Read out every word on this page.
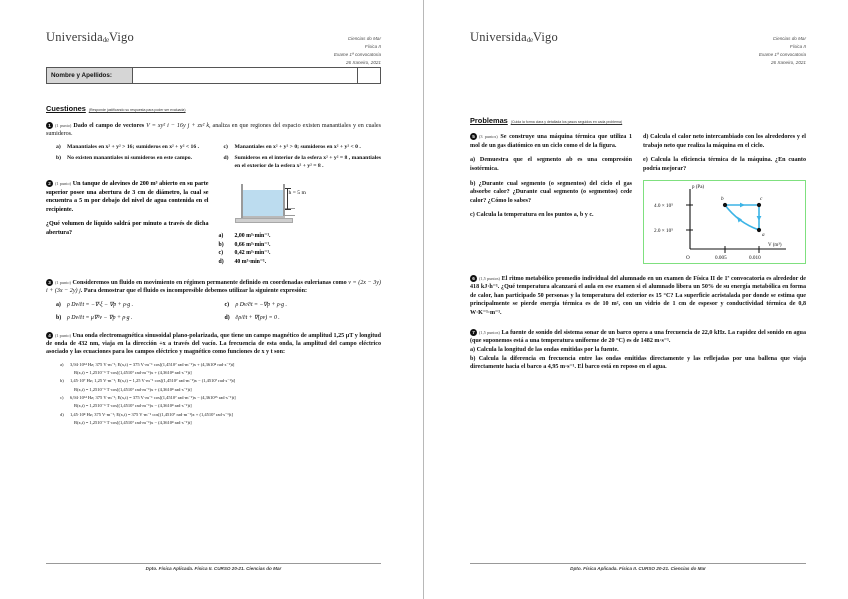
UniversidadeVigo	Ciencias do Mar
Física II
Exame 1ª convocatoria
26 Xaneiro, 2021
Nombre y Apellidos:
Cuestiones (Responde justificando su respuesta para poder ser evaluada)
1 (1 punto) Dado el campo de vectores V = xy² i − 16y j + zx² k, analiza en que regiones del espacio existen manantiales y en cuales sumideros.
a)	Manantiales en x² + y² > 16; sumideros en x² + y² < 16 .	c)	Manantiales en x² + y² > 0; sumideros en x² + y² < 0 .
b)	No existen manantiales ni sumideros en este campo.	d)	Sumideros en el interior de la esfera x² + y² = 8 , manantiales en el exterior de la esfera x² + y² = 8 .
2 (1 punto) Un tanque de alevines de 200 m³ abierto en su parte superior posee una abertura de 3 cm de diámetro, la cual se encuentra a 5 m por debajo del nivel de agua contenida en el recipiente.
¿Qué volumen de líquido saldrá por minuto a través de dicha abertura?
h = 5 m
a)	2,00 m³·min⁻¹.
b)	0,66 m³·min⁻¹.
c)	0,42 m³·min⁻¹.
d)	40 m³·min⁻¹.
3 (1 punto) Consideremos un fluido en movimiento en régimen permanente definido en coordenadas eulerianas como v = (2x − 3y) i + (3x − 2y) j. Para demostrar que el fluido es incompresible debemos utilizar la siguiente expresión:
a)	ρ Dv/∂t = −∇·ξ − ∇p + ρ·g .	c)	ρ Dv/∂t = −∇p + ρ·g .
b)	ρ Dv/∂t = μ∇²v − ∇p + ρ·g .	d)	∂ρ/∂t + ∇(ρv) = 0 .
4 (1 punto) Una onda electromagnética sinusoidal plano-polarizada, que tiene un campo magnético de amplitud 1,25 μT y longitud de onda de 432 nm, viaja en la dirección +x a través del vacío. La frecuencia de esta onda, la amplitud del campo eléctrico asociado y las ecuaciones para los campos eléctrico y magnético como funciones de x y t son:
a)	3,94·10¹⁴ Hz; 375 V·m⁻¹; E(x,t) = 375 V·m⁻¹ cos[(1,4510⁷ rad·m⁻¹)x + (4,3610⁸ rad·s⁻¹)t]
B(x,t) = 1,2510⁻⁶ T·cos[(1,4510⁷ rad·m⁻¹)x + (4,3610⁸ rad·s⁻¹)t]
b)	1,45·10⁷ Hz; 1,25 V·m⁻¹; E(x,t) = 1,25 V·m⁻¹ cos[(1,4510⁷ rad·m⁻¹)x − (1,4510⁷ rad·s⁻¹)t]
B(x,t) = 1,2510⁻⁶ T·cos[(1,4510⁷ rad·m⁻¹)x + (4,3610⁸ rad·s⁻¹)t]
c)	6,94·10¹⁴ Hz; 375 V·m⁻¹; E(x,t) = 375 V·m⁻¹ cos[(1,4510⁷ rad·m⁻¹)x − (4,3610¹⁵ rad·s⁻¹)t]
B(x,t) = 1,2510⁻⁶ T·cos[(1,4510⁷ rad·m⁻¹)x − (4,3610⁸ rad·s⁻¹)t]
d)	1,45·10⁸ Hz; 375 V·m⁻¹; E(x,t) = 375 V·m⁻¹ cos[(1,4510⁷ rad·m⁻¹)x + (1,4510⁷ rad·s⁻¹)t]
B(x,t) = 1,2510⁻⁶ T·cos[(1,4510⁷ rad·m⁻¹)x − (4,3610⁸ rad·s⁻¹)t]
Dpto. Física Aplicada. Física II. CURSO 20-21. Ciencias do Mar
UniversidadeVigo	Ciencias do Mar
Física II
Exame 1ª convocatoria
26 Xaneiro, 2021
Problemas (Cuida la forma clara y detallada los pasos seguidos en cada problema)

5 (3 puntos) Se construye una máquina térmica que utiliza 1 mol de un gas diatómico en un ciclo como el de la figura.

a) Demuestra que el segmento ab es una compresión isotérmica.

b) ¿Durante cual segmento (o segmentos) del ciclo el gas absorbe calor? ¿Durante cual segmento (o segmentos) cede calor? ¿Cómo lo sabes?

c) Calcula la temperatura en los puntos a, b y c.

d) Calcula el calor neto intercambiado con los alrededores y el trabajo neto que realiza la máquina en el ciclo.

e) Calcula la eficiencia térmica de la máquina. ¿En cuanto podría mejorar?

b	c
a
p (Pa)
V (m³)
4.0 × 10⁵
2.0 × 10⁵
O	0.005	0.010
6 (1,5 puntos) El ritmo metabólico promedio individual del alumnado en un examen de Física II de 1ª convocatoria es alrededor de 418 kJ·h⁻¹. ¿Qué temperatura alcanzará el aula en ese examen si el alumnado libera un 50% de su energía metabólica en forma de calor, han participado 50 personas y la temperatura del exterior es 15 °C? La superficie acristalada por donde se estima que principalmente se pierde energía térmica es de 10 m², con un vidrio de 1 cm de espesor y conductividad térmica de 0,8 W·K⁻¹·m⁻¹.
7 (1,5 puntos) La fuente de sonido del sistema sonar de un barco opera a una frecuencia de 22,0 kHz. La rapidez del sonido en agua (que suponemos está a una temperatura uniforme de 20 °C) es de 1482 m·s⁻¹.
a) Calcula la longitud de las ondas emitidas por la fuente.
b) Calcula la diferencia en frecuencia entre las ondas emitidas directamente y las reflejadas por una ballena que viaja directamente hacia el barco a 4,95 m·s⁻¹. El barco está en reposo en el agua.
Dpto. Física Aplicada. Física II. CURSO 20-21. Ciencias do Mar
